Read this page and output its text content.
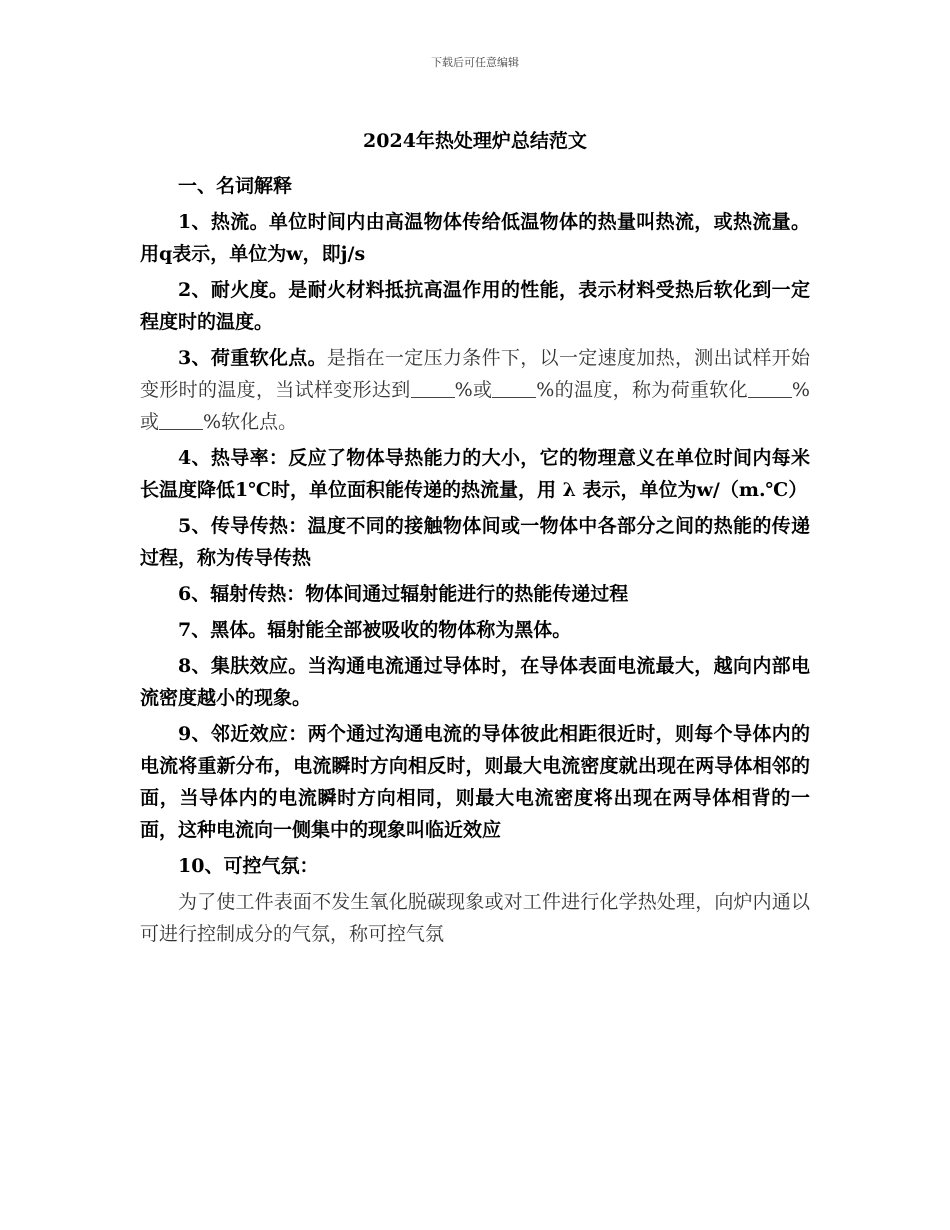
下载后可任意编辑
2024年热处理炉总结范文

一、名词解释

1、热流。单位时间内由高温物体传给低温物体的热量叫热流，或热流量。用q表示，单位为w，即j/s

2、耐火度。是耐火材料抵抗高温作用的性能，表示材料受热后软化到一定程度时的温度。

3、荷重软化点。是指在一定压力条件下，以一定速度加热，测出试样开始变形时的温度，当试样变形达到 %或 %的温度，称为荷重软化 %或 %软化点。

4、热导率：反应了物体导热能力的大小，它的物理意义在单位时间内每米长温度降低1℃时，单位面积能传递的热流量，用 λ 表示，单位为w/（m.℃）

5、传导传热：温度不同的接触物体间或一物体中各部分之间的热能的传递过程，称为传导传热

6、辐射传热：物体间通过辐射能进行的热能传递过程

7、黑体。辐射能全部被吸收的物体称为黑体。

8、集肤效应。当沟通电流通过导体时，在导体表面电流最大，越向内部电流密度越小的现象。

9、邻近效应：两个通过沟通电流的导体彼此相距很近时，则每个导体内的电流将重新分布，电流瞬时方向相反时，则最大电流密度就出现在两导体相邻的面，当导体内的电流瞬时方向相同，则最大电流密度将出现在两导体相背的一面，这种电流向一侧集中的现象叫临近效应

10、可控气氛：

为了使工件表面不发生氧化脱碳现象或对工件进行化学热处理，向炉内通以可进行控制成分的气氛，称可控气氛
